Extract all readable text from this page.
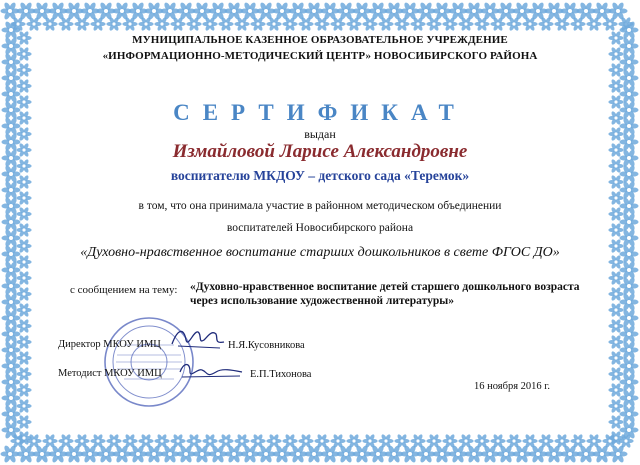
МУНИЦИПАЛЬНОЕ КАЗЕННОЕ ОБРАЗОВАТЕЛЬНОЕ УЧРЕЖДЕНИЕ
«ИНФОРМАЦИОННО-МЕТОДИЧЕСКИЙ ЦЕНТР» НОВОСИБИРСКОГО РАЙОНА
СЕРТИФИКАТ
выдан
Измайловой Ларисе Александровне
воспитателю МКДОУ – детского сада «Теремок»
в том, что она принимала участие в районном методическом объединении
воспитателей Новосибирского района
«Духовно-нравственное воспитание старших дошкольников в свете ФГОС ДО»
с сообщением на тему: «Духовно-нравственное воспитание детей старшего дошкольного возраста через использование художественной литературы»
Директор МКОУ ИМЦ	Н.Я.Кусовникова
Методист МКОУ ИМЦ	Е.П.Тихонова
16 ноября 2016 г.
